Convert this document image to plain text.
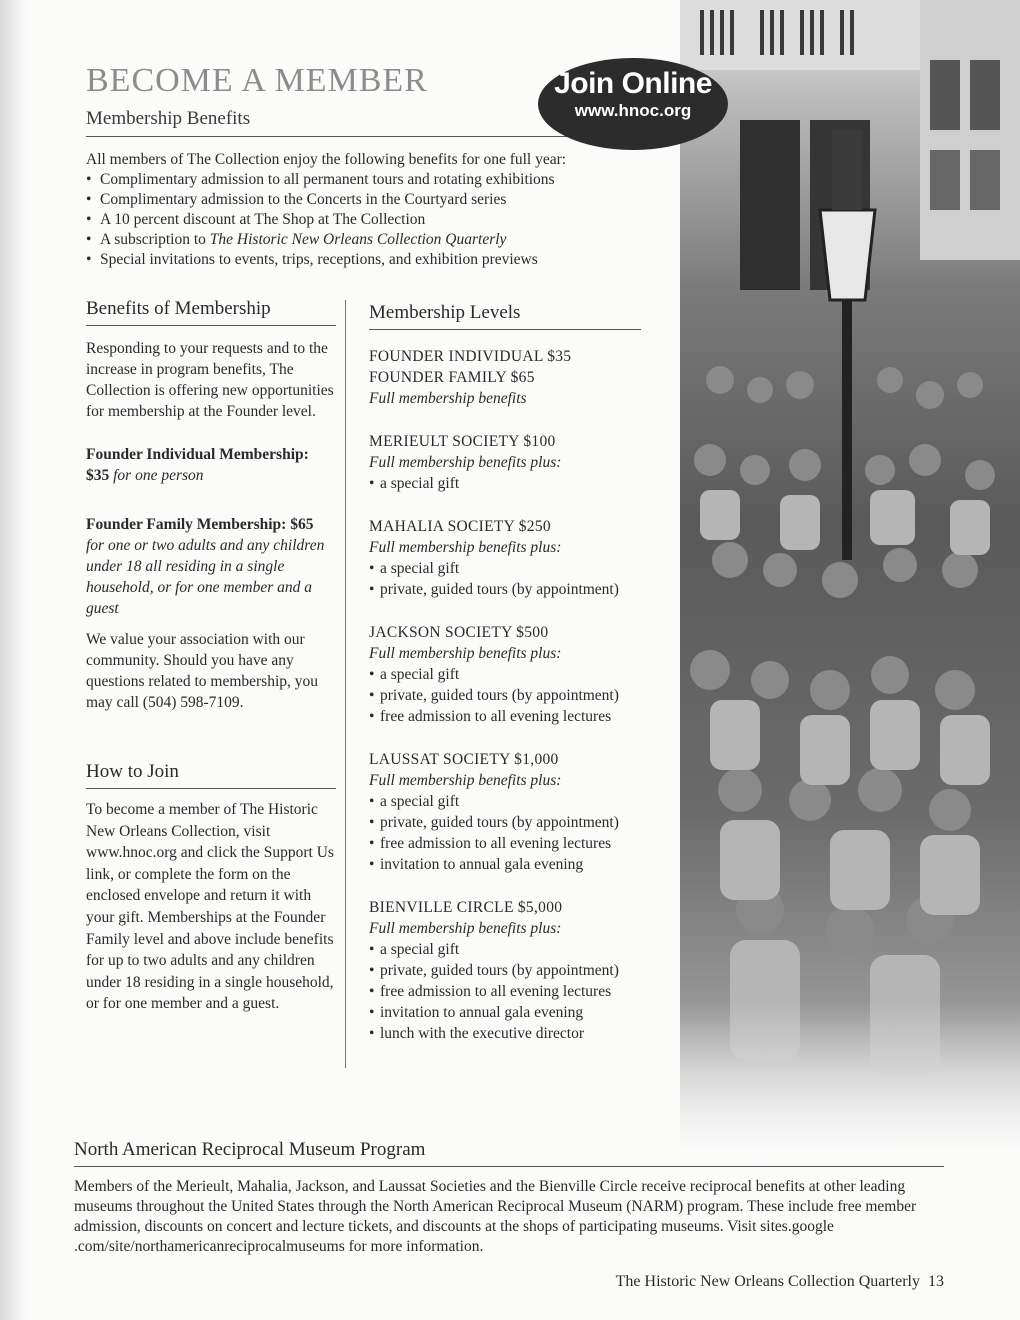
BECOME A MEMBER
Membership Benefits
Join Online
www.hnoc.org
All members of The Collection enjoy the following benefits for one full year:
• Complimentary admission to all permanent tours and rotating exhibitions
• Complimentary admission to the Concerts in the Courtyard series
• A 10 percent discount at The Shop at The Collection
• A subscription to The Historic New Orleans Collection Quarterly
• Special invitations to events, trips, receptions, and exhibition previews
Benefits of Membership

Responding to your requests and to the increase in program benefits, The Collection is offering new opportunities for membership at the Founder level.

Founder Individual Membership:

$35 for one person

Founder Family Membership: $65

for one or two adults and any children under 18 all residing in a single household, or for one member and a guest

We value your association with our community. Should you have any questions related to membership, you may call (504) 598-7109.

How to Join

To become a member of The Historic New Orleans Collection, visit www.hnoc.org and click the Support Us link, or complete the form on the enclosed envelope and return it with your gift. Memberships at the Founder Family level and above include benefits for up to two adults and any children under 18 residing in a single household, or for one member and a guest.

Membership Levels

FOUNDER INDIVIDUAL $35

FOUNDER FAMILY $65

Full membership benefits

MERIEULT SOCIETY $100

Full membership benefits plus:

• a special gift

MAHALIA SOCIETY $250

Full membership benefits plus:

• a special gift
• private, guided tours (by appointment)

JACKSON SOCIETY $500

Full membership benefits plus:

• a special gift
• private, guided tours (by appointment)
• free admission to all evening lectures

LAUSSAT SOCIETY $1,000

Full membership benefits plus:

• a special gift
• private, guided tours (by appointment)
• free admission to all evening lectures
• invitation to annual gala evening

BIENVILLE CIRCLE $5,000

Full membership benefits plus:

• a special gift
• private, guided tours (by appointment)
• free admission to all evening lectures
• invitation to annual gala evening
• lunch with the executive director
North American Reciprocal Museum Program

Members of the Merieult, Mahalia, Jackson, and Laussat Societies and the Bienville Circle receive reciprocal benefits at other leading museums throughout the United States through the North American Reciprocal Museum (NARM) program. These include free member admission, discounts on concert and lecture tickets, and discounts at the shops of participating museums. Visit sites.google .com/site/northamericanreciprocalmuseums for more information.

The Historic New Orleans Collection Quarterly 13
